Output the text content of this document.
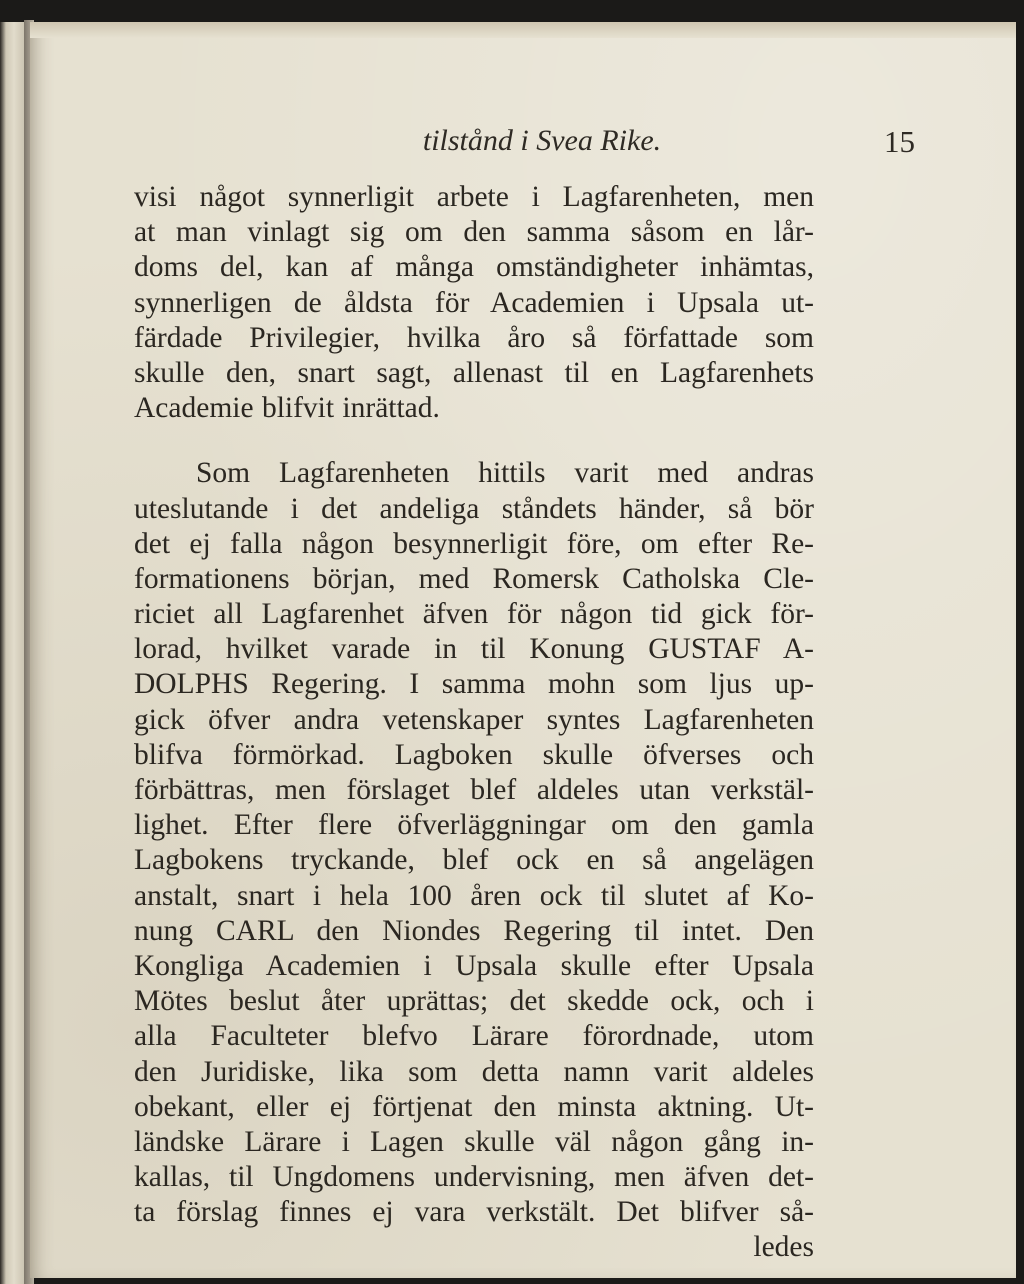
tilstånd i Svea Rike.	15
visi något synnerligit arbete i Lagfarenheten, men
at man vinlagt sig om den samma såsom en lår-
doms del, kan af många omständigheter inhämtas,
synnerligen de åldsta för Academien i Upsala ut-
färdade Privilegier, hvilka åro så författade som
skulle den, snart sagt, allenast til en Lagfarenhets
Academie blifvit inrättad.
Som Lagfarenheten hittils varit med andras
uteslutande i det andeliga ståndets händer, så bör
det ej falla någon besynnerligit före, om efter Re-
formationens början, med Romersk Catholska Cle-
riciet all Lagfarenhet äfven för någon tid gick för-
lorad, hvilket varade in til Konung GUSTAF A-
DOLPHS Regering. I samma mohn som ljus up-
gick öfver andra vetenskaper syntes Lagfarenheten
blifva förmörkad. Lagboken skulle öfverses och
förbättras, men förslaget blef aldeles utan verkstäl-
lighet. Efter flere öfverläggningar om den gamla
Lagbokens tryckande, blef ock en så angelägen
anstalt, snart i hela 100 åren ock til slutet af Ko-
nung CARL den Niondes Regering til intet. Den
Kongliga Academien i Upsala skulle efter Upsala
Mötes beslut åter uprättas; det skedde ock, och i
alla Faculteter blefvo Lärare förordnade, utom
den Juridiske, lika som detta namn varit aldeles
obekant, eller ej förtjenat den minsta aktning. Ut-
ländske Lärare i Lagen skulle väl någon gång in-
kallas, til Ungdomens undervisning, men äfven det-
ta förslag finnes ej vara verkstält. Det blifver så-
ledes
